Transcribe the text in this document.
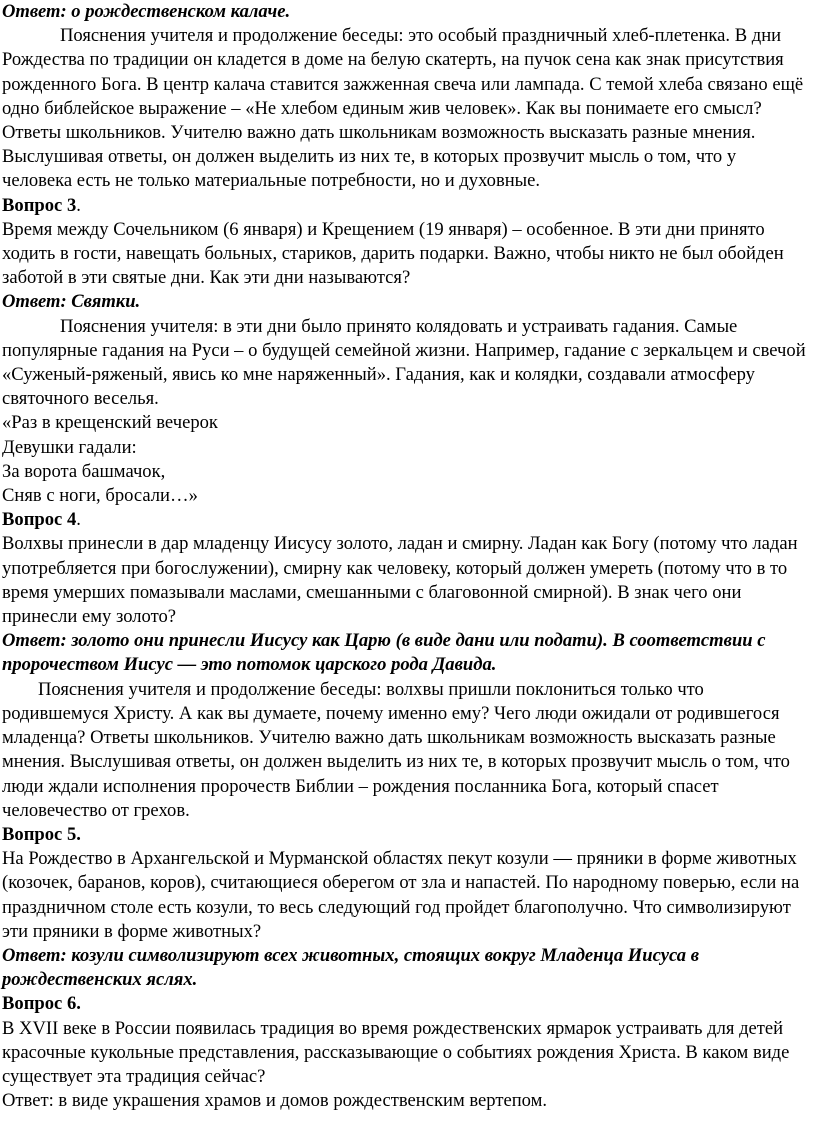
Ответ: о рождественском калаче.

Пояснения учителя и продолжение беседы: это особый праздничный хлеб-плетенка. В дни Рождества по традиции он кладется в доме на белую скатерть, на пучок сена как знак присутствия рожденного Бога. В центр калача ставится зажженная свеча или лампада. С темой хлеба связано ещё одно библейское выражение – «Не хлебом единым жив человек». Как вы понимаете его смысл? Ответы школьников. Учителю важно дать школьникам возможность высказать разные мнения. Выслушивая ответы, он должен выделить из них те, в которых прозвучит мысль о том, что у человека есть не только материальные потребности, но и духовные.

Вопрос 3.

Время между Сочельником (6 января) и Крещением (19 января) – особенное. В эти дни принято ходить в гости, навещать больных, стариков, дарить подарки. Важно, чтобы никто не был обойден заботой в эти святые дни. Как эти дни называются?

Ответ: Святки.

Пояснения учителя: в эти дни было принято колядовать и устраивать гадания. Самые популярные гадания на Руси – о будущей семейной жизни. Например, гадание с зеркальцем и свечой «Суженый-ряженый, явись ко мне наряженный». Гадания, как и колядки, создавали атмосферу святочного веселья.

«Раз в крещенский вечерок

Девушки гадали:

За ворота башмачок,

Сняв с ноги, бросали…»

Вопрос 4.

Волхвы принесли в дар младенцу Иисусу золото, ладан и смирну. Ладан как Богу (потому что ладан употребляется при богослужении), смирну как человеку, который должен умереть (потому что в то время умерших помазывали маслами, смешанными с благовонной смирной). В знак чего они принесли ему золото?

Ответ: золото они принесли Иисусу как Царю (в виде дани или подати). В соответствии с пророчеством Иисус — это потомок царского рода Давида.

Пояснения учителя и продолжение беседы: волхвы пришли поклониться только что родившемуся Христу. А как вы думаете, почему именно ему? Чего люди ожидали от родившегося младенца? Ответы школьников. Учителю важно дать школьникам возможность высказать разные мнения. Выслушивая ответы, он должен выделить из них те, в которых прозвучит мысль о том, что люди ждали исполнения пророчеств Библии – рождения посланника Бога, который спасет человечество от грехов.

Вопрос 5.

На Рождество в Архангельской и Мурманской областях пекут козули — пряники в форме животных (козочек, баранов, коров), считающиеся оберегом от зла и напастей. По народному поверью, если на праздничном столе есть козули, то весь следующий год пройдет благополучно. Что символизируют эти пряники в форме животных?

Ответ: козули символизируют всех животных, стоящих вокруг Младенца Иисуса в рождественских яслях.

Вопрос 6.

В XVII веке в России появилась традиция во время рождественских ярмарок устраивать для детей красочные кукольные представления, рассказывающие о событиях рождения Христа. В каком виде существует эта традиция сейчас?

Ответ: в виде украшения храмов и домов рождественским вертепом.
